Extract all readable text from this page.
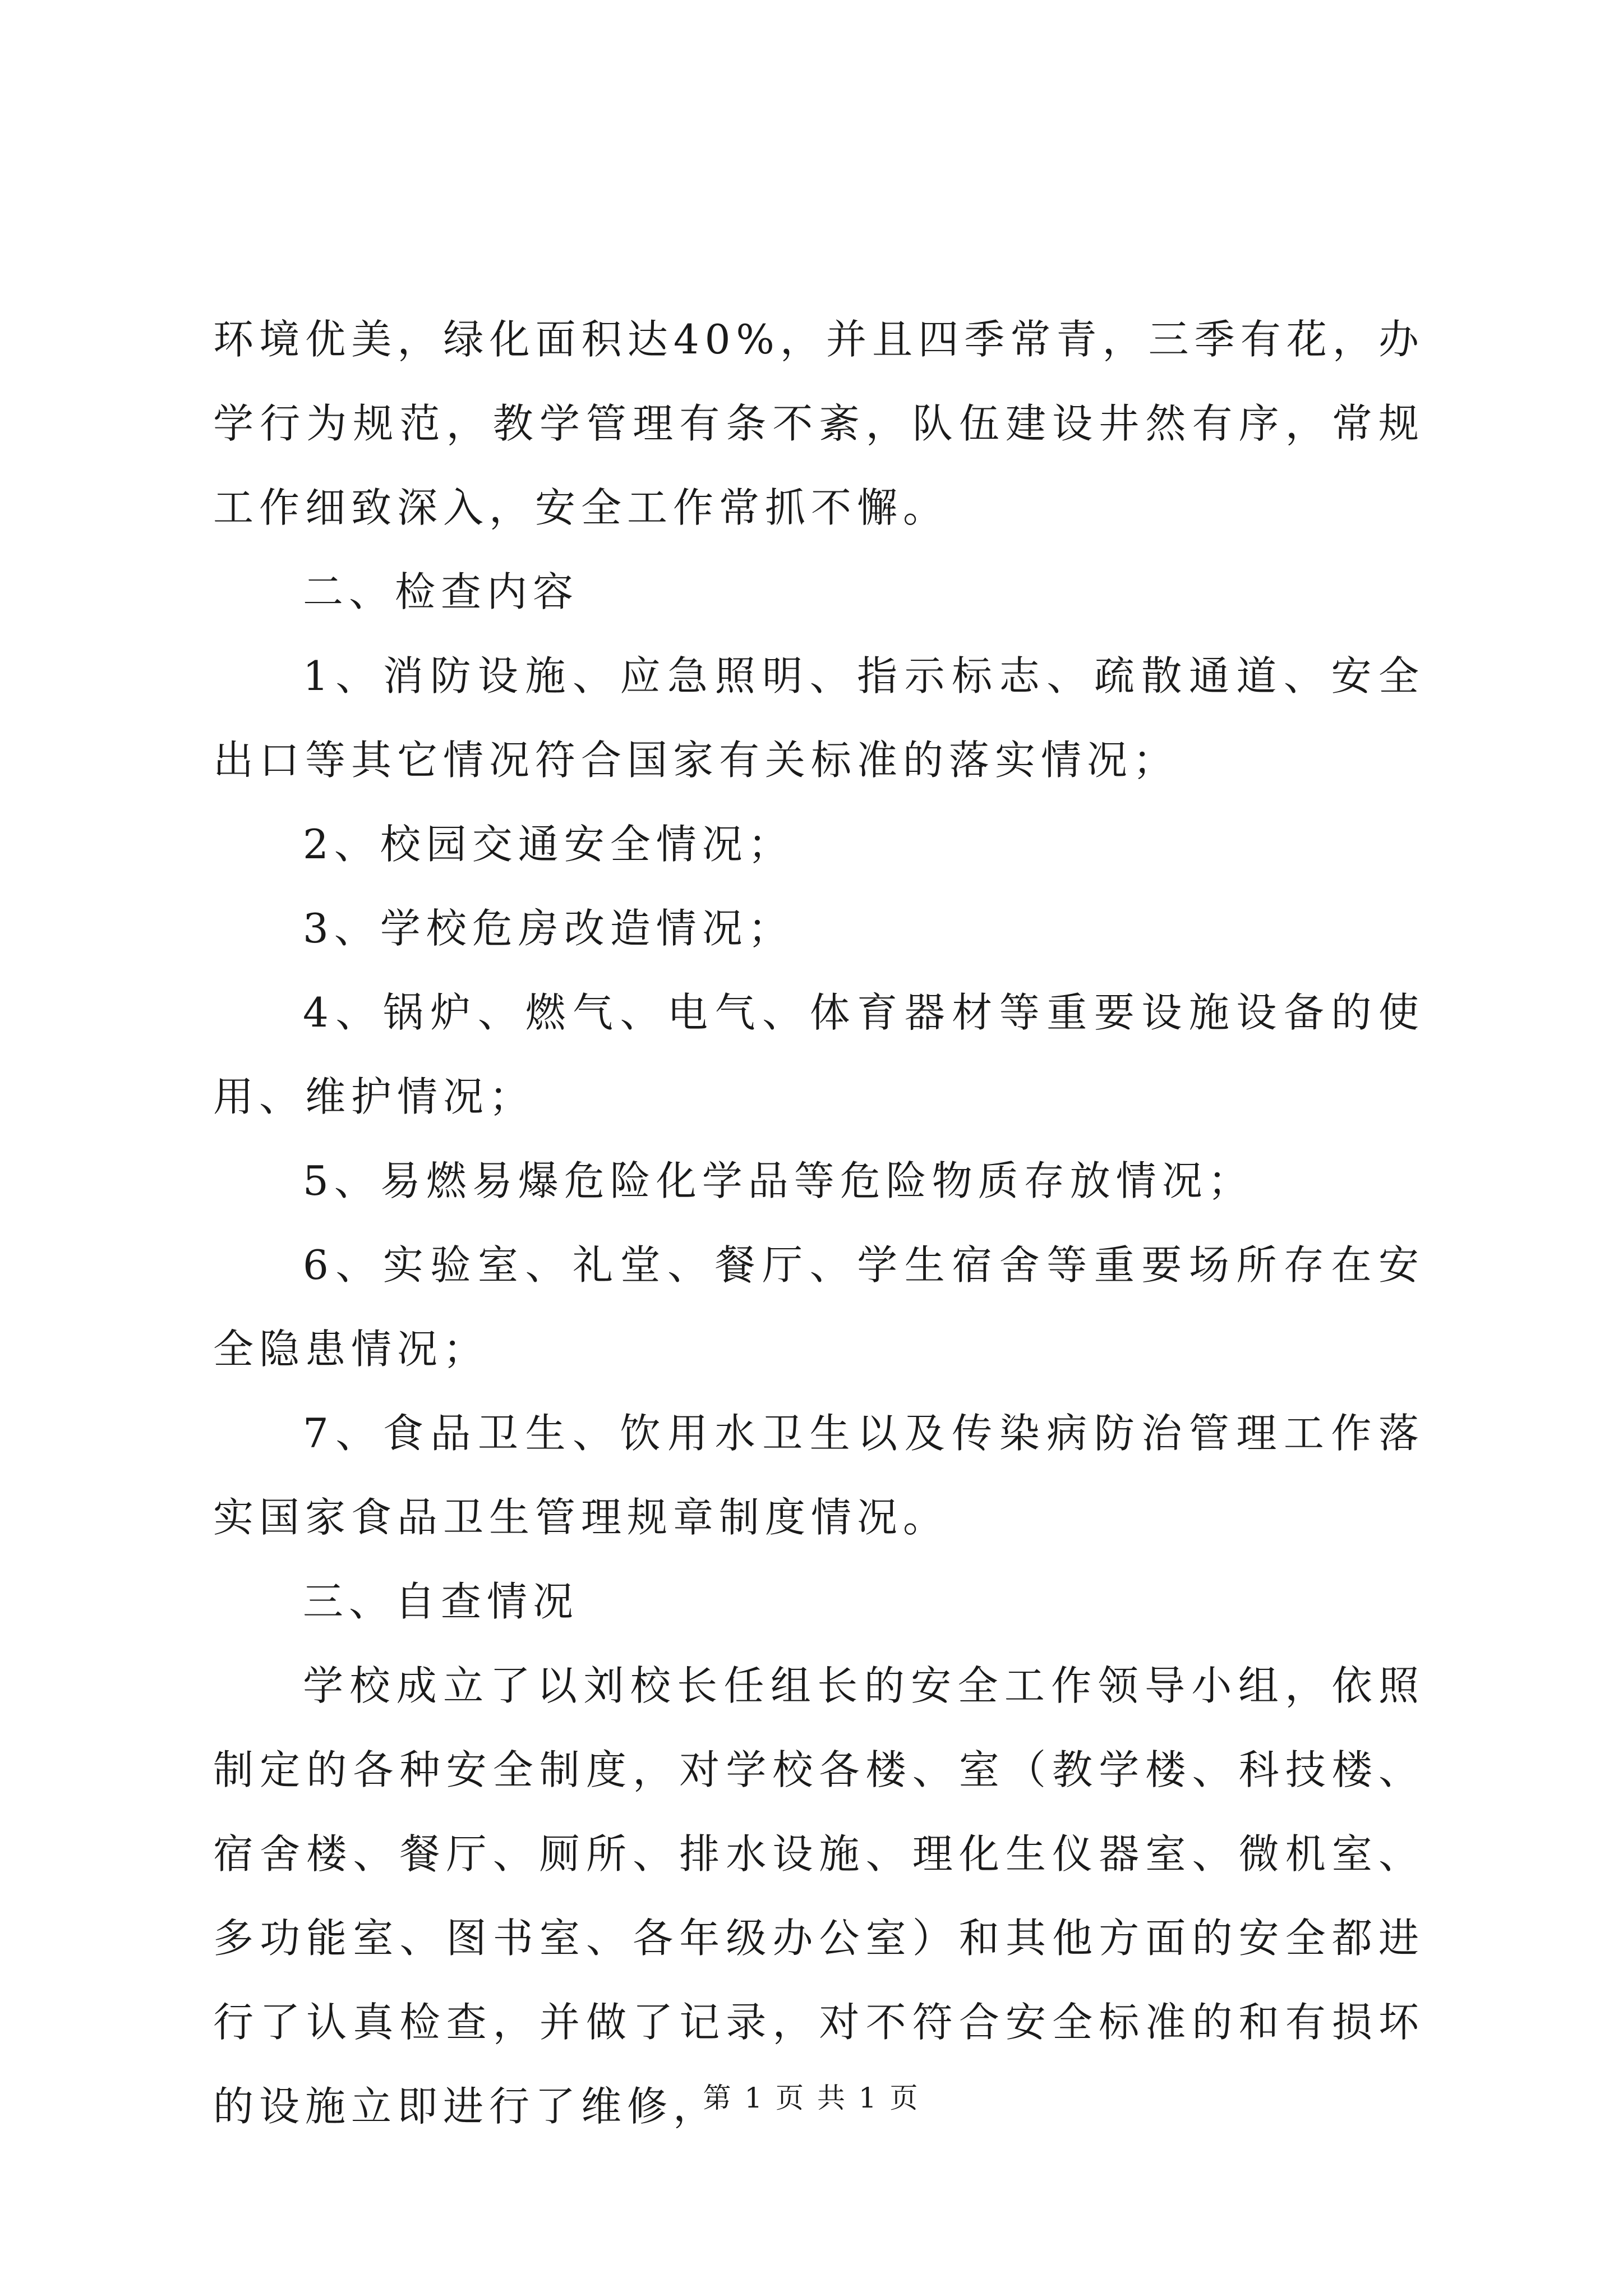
环境优美，绿化面积达40%，并且四季常青，三季有花，办学行为规范，教学管理有条不紊，队伍建设井然有序，常规工作细致深入，安全工作常抓不懈。

二、检查内容

1、消防设施、应急照明、指示标志、疏散通道、安全出口等其它情况符合国家有关标准的落实情况；

2、校园交通安全情况；

3、学校危房改造情况；

4、锅炉、燃气、电气、体育器材等重要设施设备的使用、维护情况；

5、易燃易爆危险化学品等危险物质存放情况；

6、实验室、礼堂、餐厅、学生宿舍等重要场所存在安全隐患情况；

7、食品卫生、饮用水卫生以及传染病防治管理工作落实国家食品卫生管理规章制度情况。

三、自查情况

学校成立了以刘校长任组长的安全工作领导小组，依照制定的各种安全制度，对学校各楼、室（教学楼、科技楼、宿舍楼、餐厅、厕所、排水设施、理化生仪器室、微机室、多功能室、图书室、各年级办公室）和其他方面的安全都进行了认真检查，并做了记录，对不符合安全标准的和有损坏的设施立即进行了维修，

第 1 页 共 1 页
